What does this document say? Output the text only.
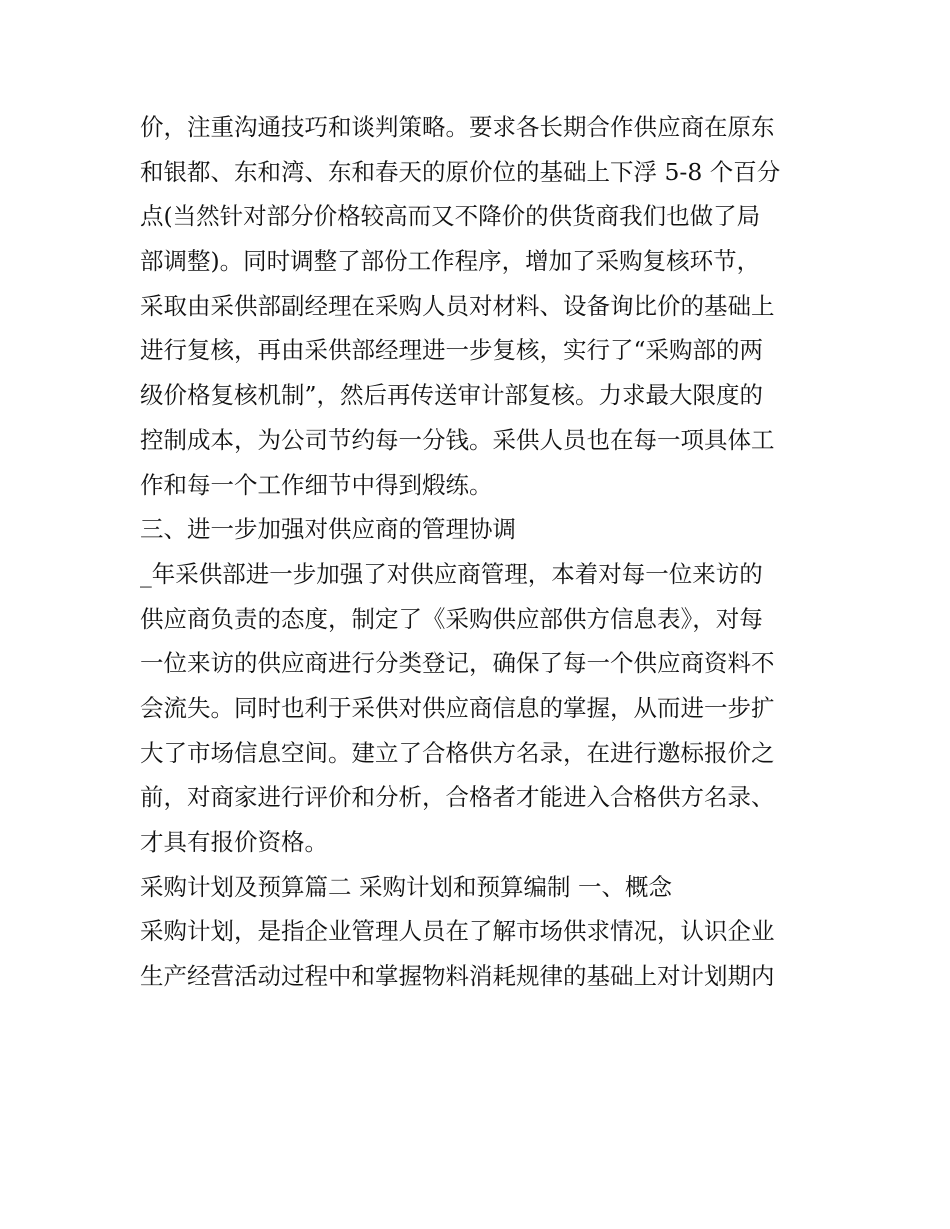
价，注重沟通技巧和谈判策略。要求各长期合作供应商在原东
和银都、东和湾、东和春天的原价位的基础上下浮 5-8 个百分
点(当然针对部分价格较高而又不降价的供货商我们也做了局
部调整)。同时调整了部份工作程序，增加了采购复核环节，
采取由采供部副经理在采购人员对材料、设备询比价的基础上
进行复核，再由采供部经理进一步复核，实行了“采购部的两
级价格复核机制”，然后再传送审计部复核。力求最大限度的
控制成本，为公司节约每一分钱。采供人员也在每一项具体工
作和每一个工作细节中得到煅练。
三、进一步加强对供应商的管理协调
_年采供部进一步加强了对供应商管理，本着对每一位来访的
供应商负责的态度，制定了《采购供应部供方信息表》，对每
一位来访的供应商进行分类登记，确保了每一个供应商资料不
会流失。同时也利于采供对供应商信息的掌握，从而进一步扩
大了市场信息空间。建立了合格供方名录，在进行邀标报价之
前，对商家进行评价和分析，合格者才能进入合格供方名录、
才具有报价资格。
采购计划及预算篇二 采购计划和预算编制 一、概念
采购计划，是指企业管理人员在了解市场供求情况，认识企业
生产经营活动过程中和掌握物料消耗规律的基础上对计划期内
